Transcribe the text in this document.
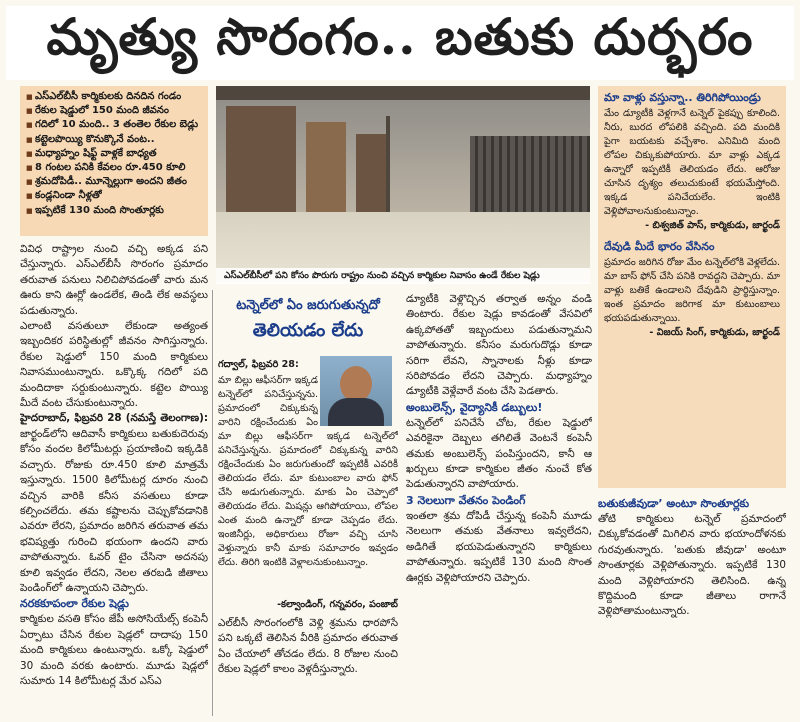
మృత్యు సొరంగం.. బతుకు దుర్భరం
■ ఎస్‌ఎల్‌బీసీ కార్మికులకు దినదిన గండం
■ రేకుల షెడ్డులో 150 మంది జీవనం
■ గదిలో 10 మంది.. 3 తంతెల రేకుల బెడ్లు
■ కట్టెలపొయ్యి కొనుక్కొనే వంట..
■ మధ్యాహ్నం షిఫ్ట్ వాళ్లకే బాధ్యత
■ 8 గంటల పనికి కేవలం రూ.450 కూలి
■ శ్రమదోపిడీ.. మూన్నెల్లుగా అందని జీతం
■ కండ్లనిండా నీళ్లతో
■ ఇప్పటికే 130 మంది సొంతూర్లకు
ఎస్ఎల్‌బీసీలో పని కోసం పొరుగు రాష్ట్రం నుంచి వచ్చిన కార్మికుల నివాసం ఉండే రేకుల షెడ్లు

వివిధ రాష్ట్రాల నుంచి వచ్చి అక్కడ పని చేస్తున్నారు. ఎస్‌ఎల్‌బీసీ సొరంగం ప్రమాదం తరువాత పనులు నిలిచిపోవడంతో వారు మన ఊరు కాని ఊర్లో ఉండలేక, తిండి లేక అవస్థలు పడుతున్నారు.

ఎలాంటి వసతులూ లేకుండా అత్యంత ఇబ్బందికర పరిస్థితుల్లో జీవనం సాగిస్తున్నారు. రేకుల షెడ్డులో 150 మంది కార్మికులు నివాసముంటున్నారు. ఒక్కొక్క గదిలో పది మందిదాకా సర్దుకుంటున్నారు. కట్టెల పొయ్యి మీదే వంట చేసుకుంటున్నారు.

హైదరాబాద్‌, ఫిబ్రవరి 28 (నమస్తే తెలంగాణ): జార్ఖండ్‌లోని ఆదివాసీ కార్మికులు బతుకుదెరువు కోసం వందల కిలోమీటర్లు ప్రయాణించి ఇక్కడికి వచ్చారు. రోజుకు రూ.450 కూలి మాత్రమే ఇస్తున్నారు. 1500 కిలోమీటర్ల దూరం నుంచి వచ్చిన వారికి కనీస వసతులు కూడా కల్పించలేదు. తమ కష్టాలను చెప్పుకోవడానికి ఎవరూ లేరని, ప్రమాదం జరిగిన తరువాత తమ భవిష్యత్తు గురించి భయంగా ఉందని వారు వాపోతున్నారు. ఓవర్ టైం చేసినా అదనపు కూలి ఇవ్వడం లేదని, నెలల తరబడి జీతాలు పెండింగ్‌లో ఉన్నాయని చెప్పారు.

నరకకూపంలా రేకుల షెడ్లు

కార్మికుల వసతి కోసం జేపీ అసోసియేట్స్‌ కంపెనీ ఏర్పాటు చేసిన రేకుల షెడ్లలో దాదాపు 150 మంది కార్మికులు ఉంటున్నారు. ఒక్కో షెడ్డులో 30 మంది వరకు ఉంటారు. మూడు షెడ్లలో సుమారు 14 కిలోమీటర్ల మేర ఎస్‌ఎ

టన్నెల్‌లో ఏం జరుగుతున్నదో
తెలియడం లేదు
గద్వాల్‌, ఫిబ్రవరి 28:
మా బిల్లు ఆఫీసర్‌గా ఇక్కడ టన్నెల్‌లో పనిచేస్తున్నను. ప్రమాదంలో చిక్కుకున్న వారిని రక్షించేందుకు ఏం
మా బిల్లు ఆఫీసర్‌గా ఇక్కడ టన్నెల్‌లో పనిచేస్తున్నను. ప్రమాదంలో చిక్కుకున్న వారిని రక్షించేందుకు ఏం జరుగుతుందో ఇప్పటికీ ఎవరికీ తెలియడం లేదు. మా కుటుంబాల వారు ఫోన్ చేసి అడుగుతున్నారు. మాకు ఏం చెప్పాలో తెలియడం లేదు. మిషన్లు ఆగిపోయాయి, లోపల ఎంత మంది ఉన్నారో కూడా చెప్పడం లేదు. ఇంజినీర్లు, అధికారులు రోజూ వచ్చి చూసి వెళ్తున్నారు కానీ మాకు సమాచారం ఇవ్వడం లేదు. తిరిగి ఇంటికి వెళ్లాలనుకుంటున్నాం.
-కల్వాండింగ్‌, గన్నవరం, పంజాబ్
ఎల్‌బీసీ సొరంగంలోకి వెళ్లి శ్రమను ధారపోసే పని ఒక్కటే తెలిసిన వీరికి ప్రమాదం తరువాత ఏం చేయాలో తోచడం లేదు. 8 రోజుల నుంచి రేకుల షెడ్లలో కాలం వెళ్లదీస్తున్నారు.

డ్యూటీకి వెళ్లొచ్చిన తర్వాత అన్నం వండి తింటారు. రేకుల షెడ్లు కావడంతో వేసవిలో ఉక్కపోతతో ఇబ్బందులు పడుతున్నామని వాపోతున్నారు. కనీసం మరుగుదొడ్లు కూడా సరిగా లేవని, స్నానాలకు నీళ్లు కూడా సరిపోవడం లేదని చెప్పారు. మధ్యాహ్నం డ్యూటీకి వెళ్లేవారే వంట చేసి పెడతారు.

అంబులెన్స్‌, వైద్యానికీ డబ్బులు!

టన్నెల్‌లో పనిచేసే చోట, రేకుల షెడ్డులో ఎవరికైనా దెబ్బలు తగిలితే వెంటనే కంపెనీ తమకు అంబులెన్స్ పంపిస్తుందని, కానీ ఆ ఖర్చులు కూడా కార్మికుల జీతం నుంచే కోత పెడుతున్నారని వాపోయారు.

3 నెలలుగా వేతనం పెండింగ్‌

ఇంతలా శ్రమ దోపిడీ చేస్తున్న కంపెనీ మూడు నెలలుగా తమకు వేతనాలు ఇవ్వలేదని, అడిగితే భయపెడుతున్నారని కార్మికులు వాపోతున్నారు. ఇప్పటికే 130 మంది సొంత ఊర్లకు వెళ్లిపోయారని చెప్పారు.

మా వాళ్లు వస్తున్నా.. తిరిగిపోయిండ్రు

మేం డ్యూటీకి వెళ్లగానే టన్నెల్ పైకప్పు కూలింది. నీరు, బురద లోపలికి వచ్చింది. పది మందికి పైగా బయటకు వచ్చేశాం. ఎనిమిది మంది లోపల చిక్కుకుపోయారు. మా వాళ్లు ఎక్కడ ఉన్నారో ఇప్పటికీ తెలియడం లేదు. ఆరోజు చూసిన దృశ్యం తలుచుకుంటే భయమేస్తోంది. ఇక్కడ పనిచేయలేం. ఇంటికి వెళ్లిపోవాలనుకుంటున్నాం.

- బిశ్వజిత్‌ పాస్‌, కార్మికుడు, జార్ఖండ్

దేవుడి మీదే భారం వేసినం

ప్రమాదం జరిగిన రోజు మేం టన్నెల్‌లోకి వెళ్లలేదు. మా బాస్ ఫోన్ చేసి పనికి రావద్దని చెప్పారు. మా వాళ్లు బతికే ఉండాలని దేవుడిని ప్రార్థిస్తున్నాం. ఇంత ప్రమాదం జరిగాక మా కుటుంబాలు భయపడుతున్నాయి.

- విజయ్‌ సింగ్‌, కార్మికుడు, జార్ఖండ్

బతుకుజీవుడా’ అంటూ సొంతూర్లకు

తోటి కార్మికులు టన్నెల్ ప్రమాదంలో చిక్కుకోవడంతో మిగిలిన వారు భయాందోళనకు గురవుతున్నారు. 'బతుకు జీవుడా' అంటూ సొంతూర్లకు వెళ్లిపోతున్నారు. ఇప్పటికే 130 మంది వెళ్లిపోయారని తెలిసింది. ఉన్న కొద్దిమంది కూడా జీతాలు రాగానే వెళ్లిపోతామంటున్నారు.
